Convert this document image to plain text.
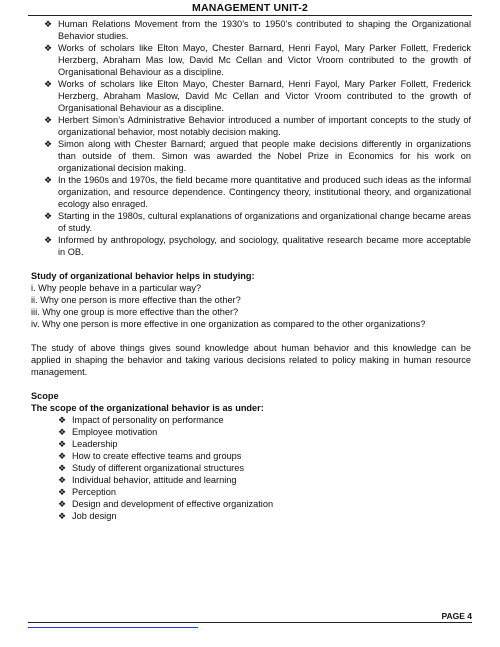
MANAGEMENT UNIT-2
❖ Human Relations Movement from the 1930’s to 1950’s contributed to shaping the Organizational Behavior studies.
❖ Works of scholars like Elton Mayo, Chester Barnard, Henri Fayol, Mary Parker Follett, Frederick Herzberg, Abraham Mas low, David Mc Cellan and Victor Vroom contributed to the growth of Organisational Behaviour as a discipline.
❖ Works of scholars like Elton Mayo, Chester Barnard, Henri Fayol, Mary Parker Follett, Frederick Herzberg, Abraham Maslow, David Mc Cellan and Victor Vroom contributed to the growth of Organisational Behaviour as a discipline.
❖ Herbert Simon’s Administrative Behavior introduced a number of important concepts to the study of organizational behavior, most notably decision making.
❖ Simon along with Chester Barnard; argued that people make decisions differently in organizations than outside of them. Simon was awarded the Nobel Prize in Economics for his work on organizational decision making.
❖ In the 1960s and 1970s, the field became more quantitative and produced such ideas as the informal organization, and resource dependence. Contingency theory, institutional theory, and organizational ecology also enraged.
❖ Starting in the 1980s, cultural explanations of organizations and organizational change became areas of study.
❖ Informed by anthropology, psychology, and sociology, qualitative research became more acceptable in OB.
Study of organizational behavior helps in studying:

i. Why people behave in a particular way?

ii. Why one person is more effective than the other?

iii. Why one group is more effective than the other?

iv. Why one person is more effective in one organization as compared to the other organizations?

The study of above things gives sound knowledge about human behavior and this knowledge can be applied in shaping the behavior and taking various decisions related to policy making in human resource management.

Scope
The scope of the organizational behavior is as under:
❖ Impact of personality on performance
❖ Employee motivation
❖ Leadership
❖ How to create effective teams and groups
❖ Study of different organizational structures
❖ Individual behavior, attitude and learning
❖ Perception
❖ Design and development of effective organization
❖ Job design
PAGE 4
